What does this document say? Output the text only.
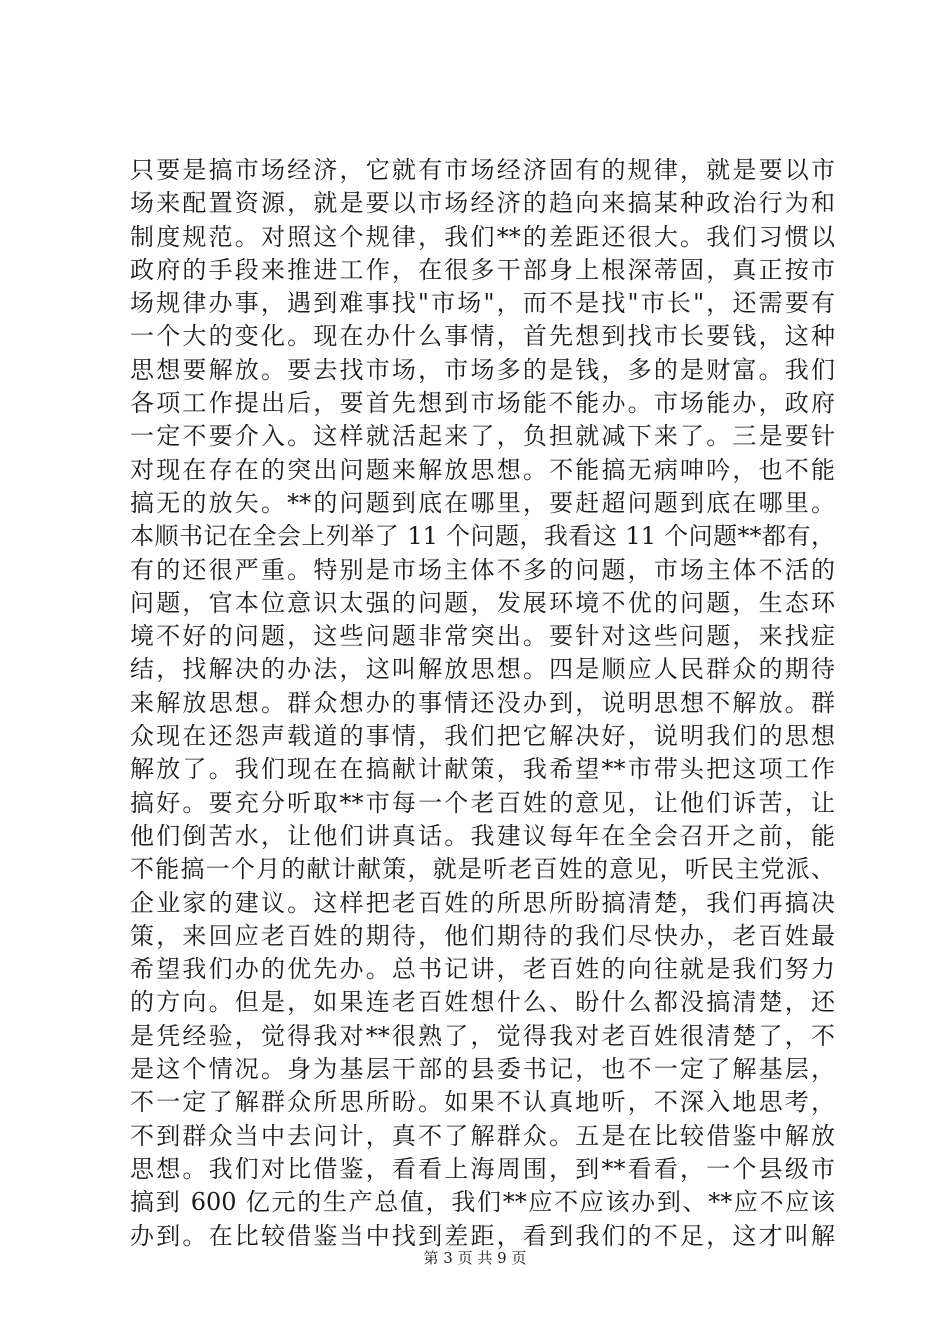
只要是搞市场经济，它就有市场经济固有的规律，就是要以市
场来配置资源，就是要以市场经济的趋向来搞某种政治行为和
制度规范。对照这个规律，我们**的差距还很大。我们习惯以
政府的手段来推进工作，在很多干部身上根深蒂固，真正按市
场规律办事，遇到难事找"市场"，而不是找"市长"，还需要有
一个大的变化。现在办什么事情，首先想到找市长要钱，这种
思想要解放。要去找市场，市场多的是钱，多的是财富。我们
各项工作提出后，要首先想到市场能不能办。市场能办，政府
一定不要介入。这样就活起来了，负担就减下来了。三是要针
对现在存在的突出问题来解放思想。不能搞无病呻吟，也不能
搞无的放矢。**的问题到底在哪里，要赶超问题到底在哪里。
本顺书记在全会上列举了 11 个问题，我看这 11 个问题**都有，
有的还很严重。特别是市场主体不多的问题，市场主体不活的
问题，官本位意识太强的问题，发展环境不优的问题，生态环
境不好的问题，这些问题非常突出。要针对这些问题，来找症
结，找解决的办法，这叫解放思想。四是顺应人民群众的期待
来解放思想。群众想办的事情还没办到，说明思想不解放。群
众现在还怨声载道的事情，我们把它解决好，说明我们的思想
解放了。我们现在在搞献计献策，我希望**市带头把这项工作
搞好。要充分听取**市每一个老百姓的意见，让他们诉苦，让
他们倒苦水，让他们讲真话。我建议每年在全会召开之前，能
不能搞一个月的献计献策，就是听老百姓的意见，听民主党派、
企业家的建议。这样把老百姓的所思所盼搞清楚，我们再搞决
策，来回应老百姓的期待，他们期待的我们尽快办，老百姓最
希望我们办的优先办。总书记讲，老百姓的向往就是我们努力
的方向。但是，如果连老百姓想什么、盼什么都没搞清楚，还
是凭经验，觉得我对**很熟了，觉得我对老百姓很清楚了，不
是这个情况。身为基层干部的县委书记，也不一定了解基层，
不一定了解群众所思所盼。如果不认真地听，不深入地思考，
不到群众当中去问计，真不了解群众。五是在比较借鉴中解放
思想。我们对比借鉴，看看上海周围，到**看看，一个县级市
搞到 600 亿元的生产总值，我们**应不应该办到、**应不应该
办到。在比较借鉴当中找到差距，看到我们的不足，这才叫解
第 3 页 共 9 页
